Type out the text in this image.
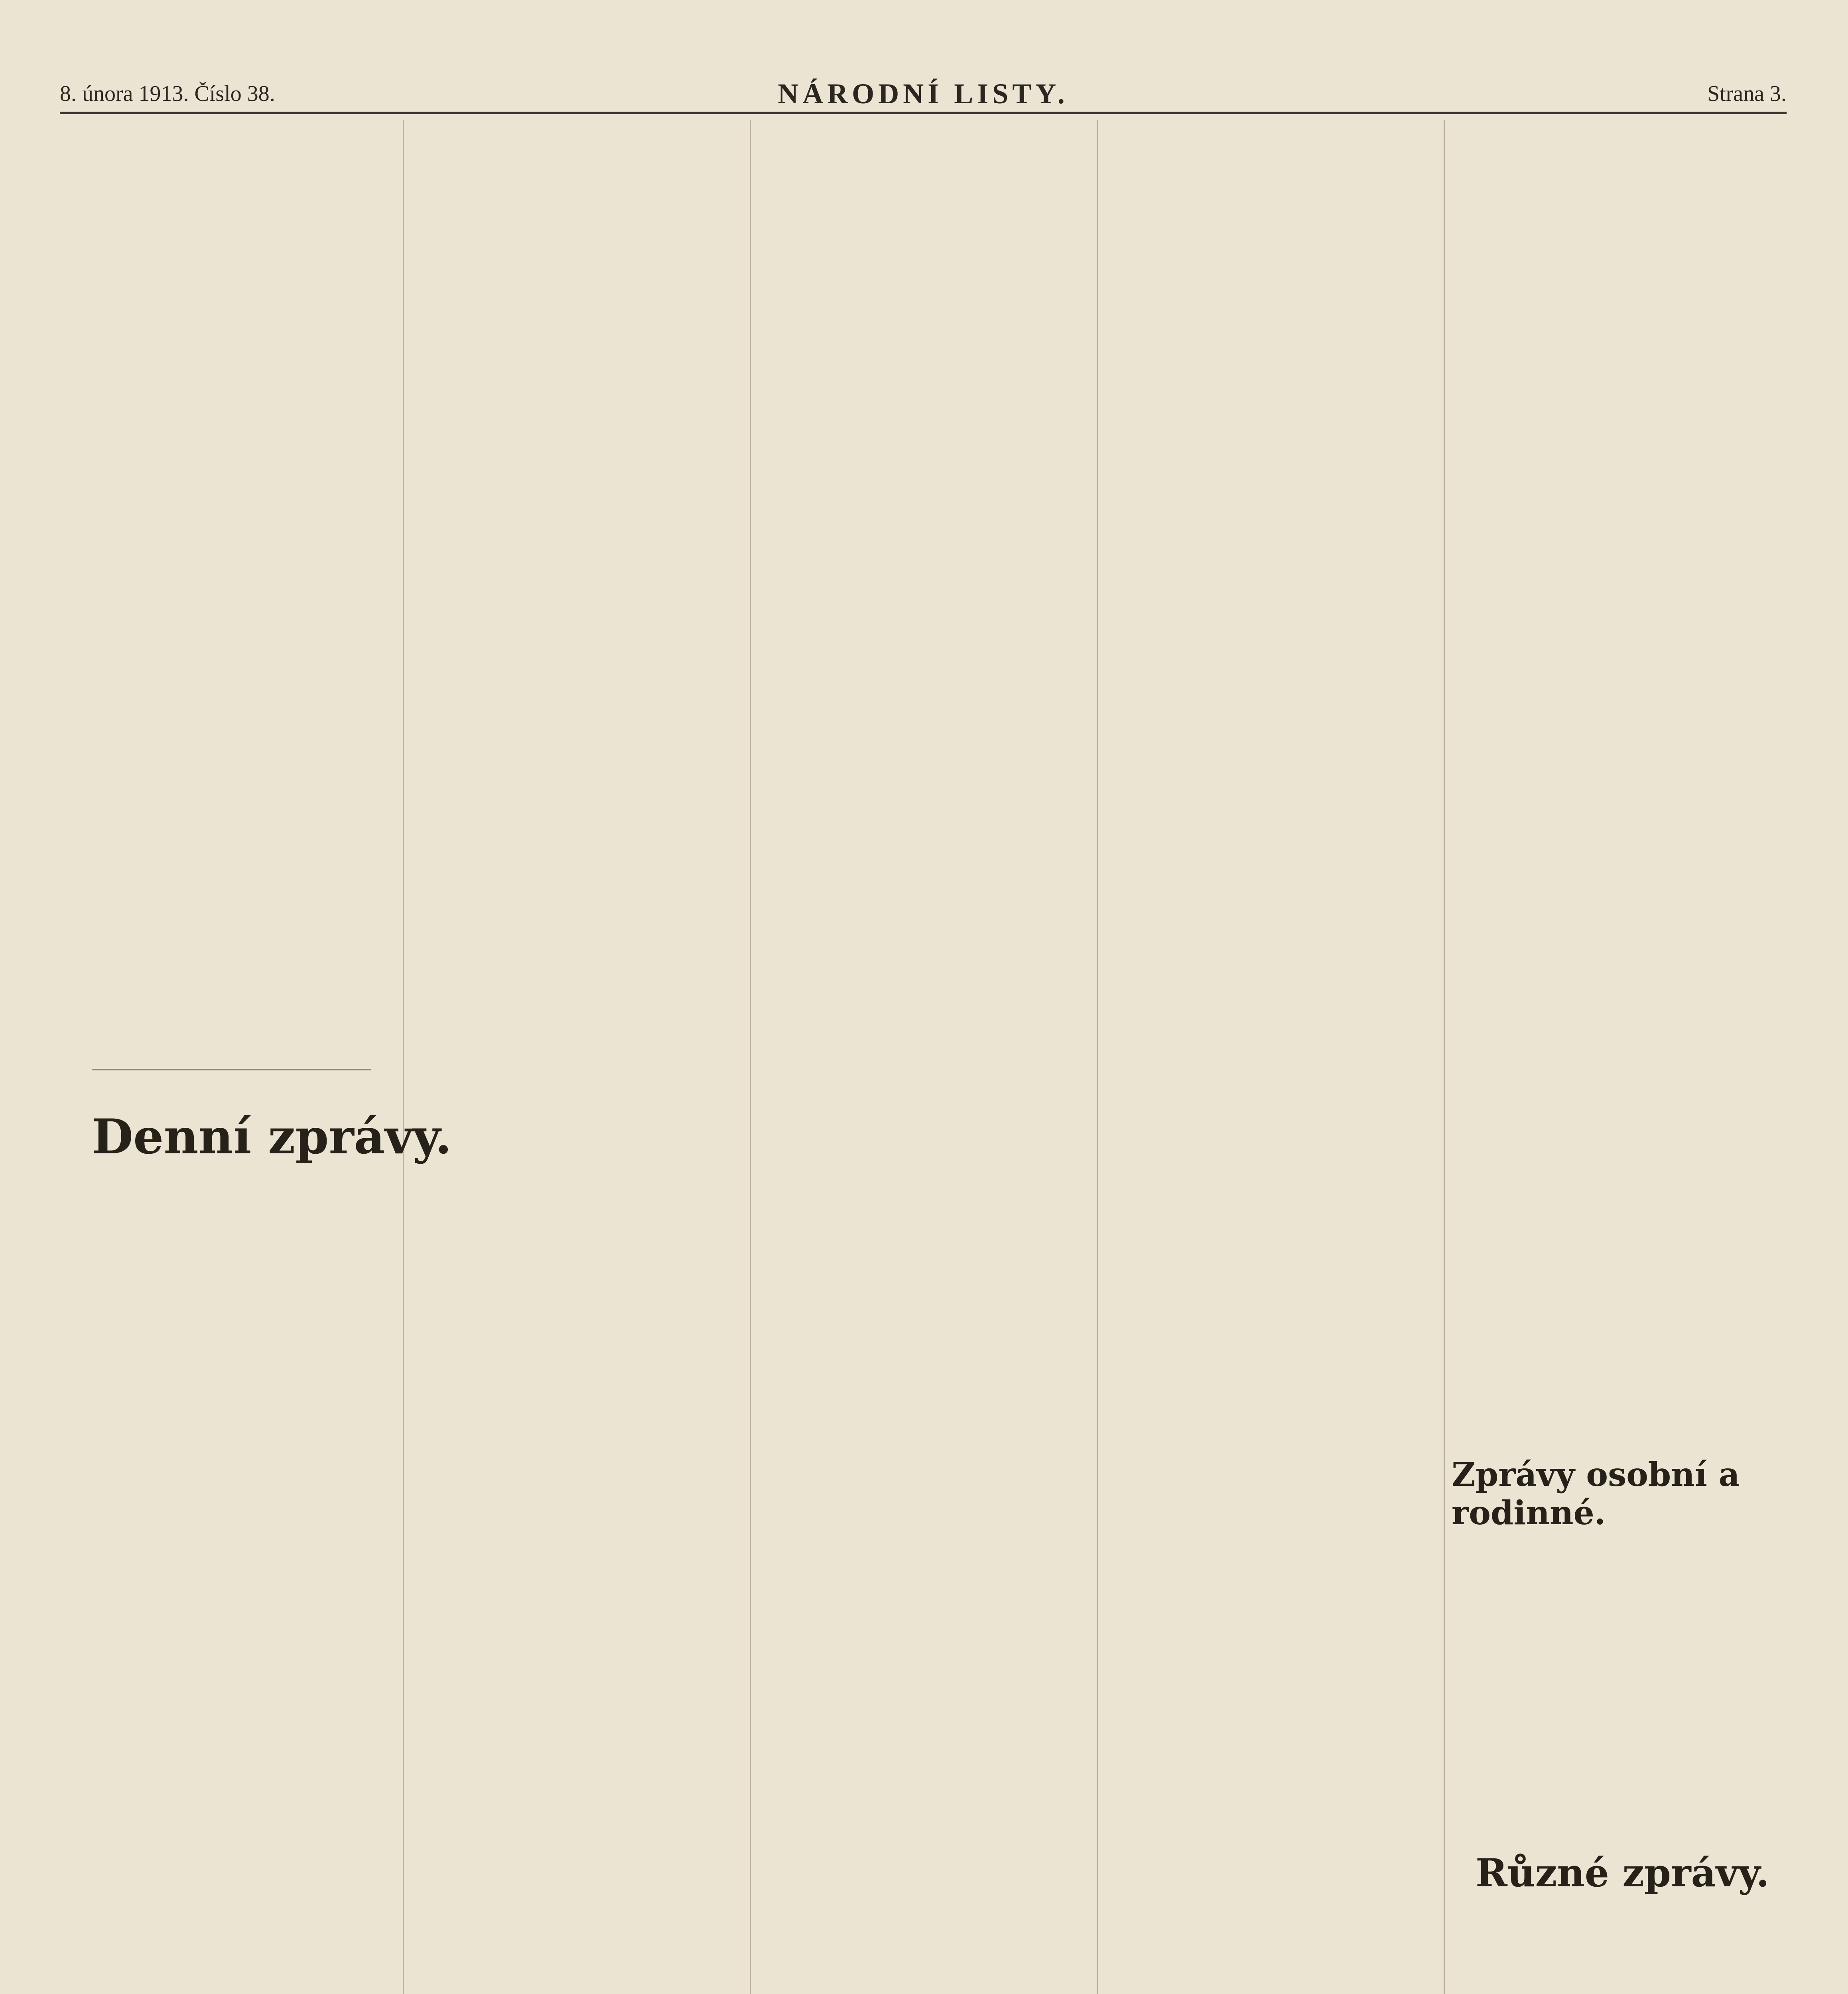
8. února 1913. Číslo 38.	NÁRODNÍ LISTY.	Strana 3.

Denní zprávy.
Zprávy osobní a rodinné.
Různé zprávy.
